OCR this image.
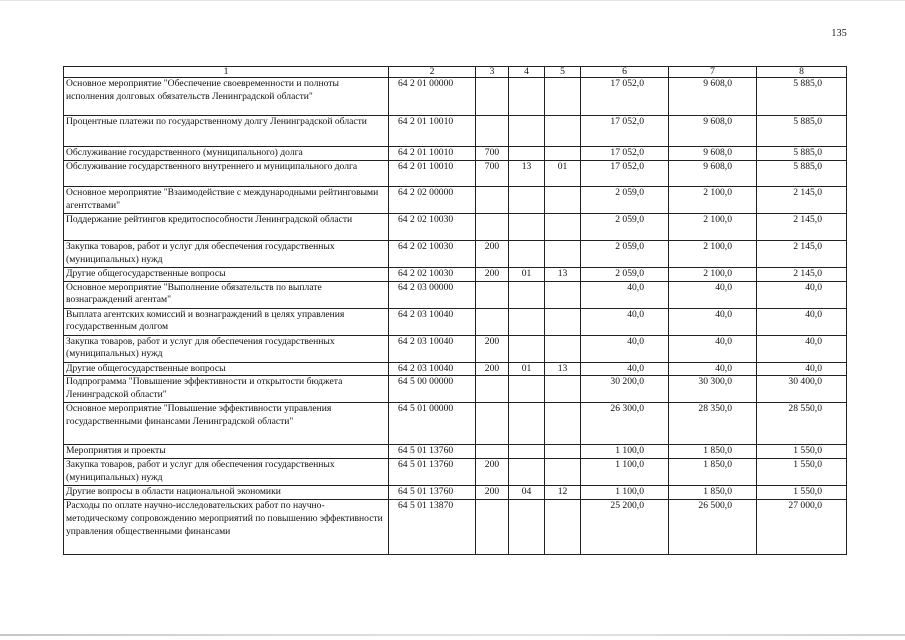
135
1	2	3	4	5	6	7	8
Основное мероприятие "Обеспечение своевременности и полноты исполнения долговых обязательств Ленинградской области"	64 2 01 00000				17 052,0	9 608,0	5 885,0
Процентные платежи по государственному долгу Ленинградской области	64 2 01 10010				17 052,0	9 608,0	5 885,0
Обслуживание государственного (муниципального) долга	64 2 01 10010	700			17 052,0	9 608,0	5 885,0
Обслуживание государственного внутреннего и муниципального долга	64 2 01 10010	700	13	01	17 052,0	9 608,0	5 885,0
Основное мероприятие "Взаимодействие с международными рейтинговыми агентствами"	64 2 02 00000				2 059,0	2 100,0	2 145,0
Поддержание рейтингов кредитоспособности Ленинградской области	64 2 02 10030				2 059,0	2 100,0	2 145,0
Закупка товаров, работ и услуг для обеспечения государственных (муниципальных) нужд	64 2 02 10030	200			2 059,0	2 100,0	2 145,0
Другие общегосударственные вопросы	64 2 02 10030	200	01	13	2 059,0	2 100,0	2 145,0
Основное мероприятие "Выполнение обязательств по выплате вознаграждений агентам"	64 2 03 00000				40,0	40,0	40,0
Выплата агентских комиссий и вознаграждений в целях управления государственным долгом	64 2 03 10040				40,0	40,0	40,0
Закупка товаров, работ и услуг для обеспечения государственных (муниципальных) нужд	64 2 03 10040	200			40,0	40,0	40,0
Другие общегосударственные вопросы	64 2 03 10040	200	01	13	40,0	40,0	40,0
Подпрограмма "Повышение эффективности и открытости бюджета Ленинградской области"	64 5 00 00000				30 200,0	30 300,0	30 400,0
Основное мероприятие "Повышение эффективности управления государственными финансами Ленинградской области"	64 5 01 00000				26 300,0	28 350,0	28 550,0
Мероприятия и проекты	64 5 01 13760				1 100,0	1 850,0	1 550,0
Закупка товаров, работ и услуг для обеспечения государственных (муниципальных) нужд	64 5 01 13760	200			1 100,0	1 850,0	1 550,0
Другие вопросы в области национальной экономики	64 5 01 13760	200	04	12	1 100,0	1 850,0	1 550,0
Расходы по оплате научно-исследовательских работ по научно-методическому сопровождению мероприятий по повышению эффективности управления общественными финансами	64 5 01 13870				25 200,0	26 500,0	27 000,0
